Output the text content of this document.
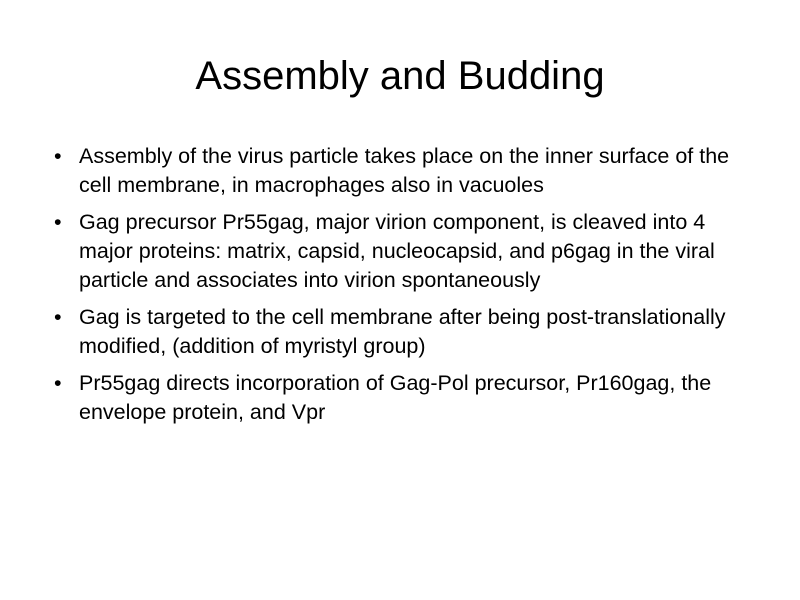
Assembly and Budding
• Assembly of the virus particle takes place on the inner surface of the cell membrane, in macrophages also in vacuoles
• Gag precursor Pr55gag, major virion component, is cleaved into 4 major proteins: matrix, capsid, nucleocapsid, and p6gag in the viral particle and associates into virion spontaneously
• Gag is targeted to the cell membrane after being post-translationally modified, (addition of myristyl group)
• Pr55gag directs incorporation of Gag-Pol precursor, Pr160gag, the envelope protein, and Vpr
